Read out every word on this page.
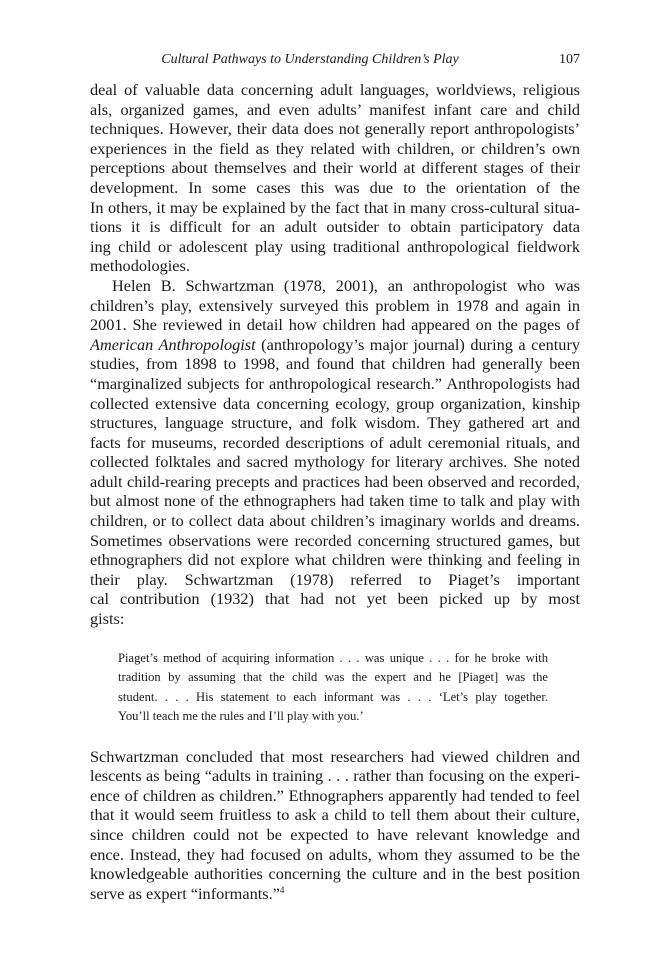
Cultural Pathways to Understanding Children’s Play	107
deal of valuable data concerning adult languages, worldviews, religious
als, organized games, and even adults’ manifest infant care and child
techniques. However, their data does not generally report anthropologists’
experiences in the field as they related with children, or children’s own
perceptions about themselves and their world at different stages of their
development. In some cases this was due to the orientation of the
In others, it may be explained by the fact that in many cross-cultural situa-
tions it is difficult for an adult outsider to obtain participatory data
ing child or adolescent play using traditional anthropological fieldwork
methodologies.
Helen B. Schwartzman (1978, 2001), an anthropologist who was
children’s play, extensively surveyed this problem in 1978 and again in
2001. She reviewed in detail how children had appeared on the pages of
American Anthropologist (anthropology’s major journal) during a century
studies, from 1898 to 1998, and found that children had generally been
“marginalized subjects for anthropological research.” Anthropologists had
collected extensive data concerning ecology, group organization, kinship
structures, language structure, and folk wisdom. They gathered art and
facts for museums, recorded descriptions of adult ceremonial rituals, and
collected folktales and sacred mythology for literary archives. She noted
adult child-rearing precepts and practices had been observed and recorded,
but almost none of the ethnographers had taken time to talk and play with
children, or to collect data about children’s imaginary worlds and dreams.
Sometimes observations were recorded concerning structured games, but
ethnographers did not explore what children were thinking and feeling in
their play. Schwartzman (1978) referred to Piaget’s important
cal contribution (1932) that had not yet been picked up by most
gists:
Piaget’s method of acquiring information . . . was unique . . . for he broke with
tradition by assuming that the child was the expert and he [Piaget] was the
student. . . . His statement to each informant was . . . ‘Let’s play together.
You’ll teach me the rules and I’ll play with you.’
Schwartzman concluded that most researchers had viewed children and
lescents as being “adults in training . . . rather than focusing on the experi-
ence of children as children.” Ethnographers apparently had tended to feel
that it would seem fruitless to ask a child to tell them about their culture,
since children could not be expected to have relevant knowledge and
ence. Instead, they had focused on adults, whom they assumed to be the
knowledgeable authorities concerning the culture and in the best position
serve as expert “informants.”$^4$
